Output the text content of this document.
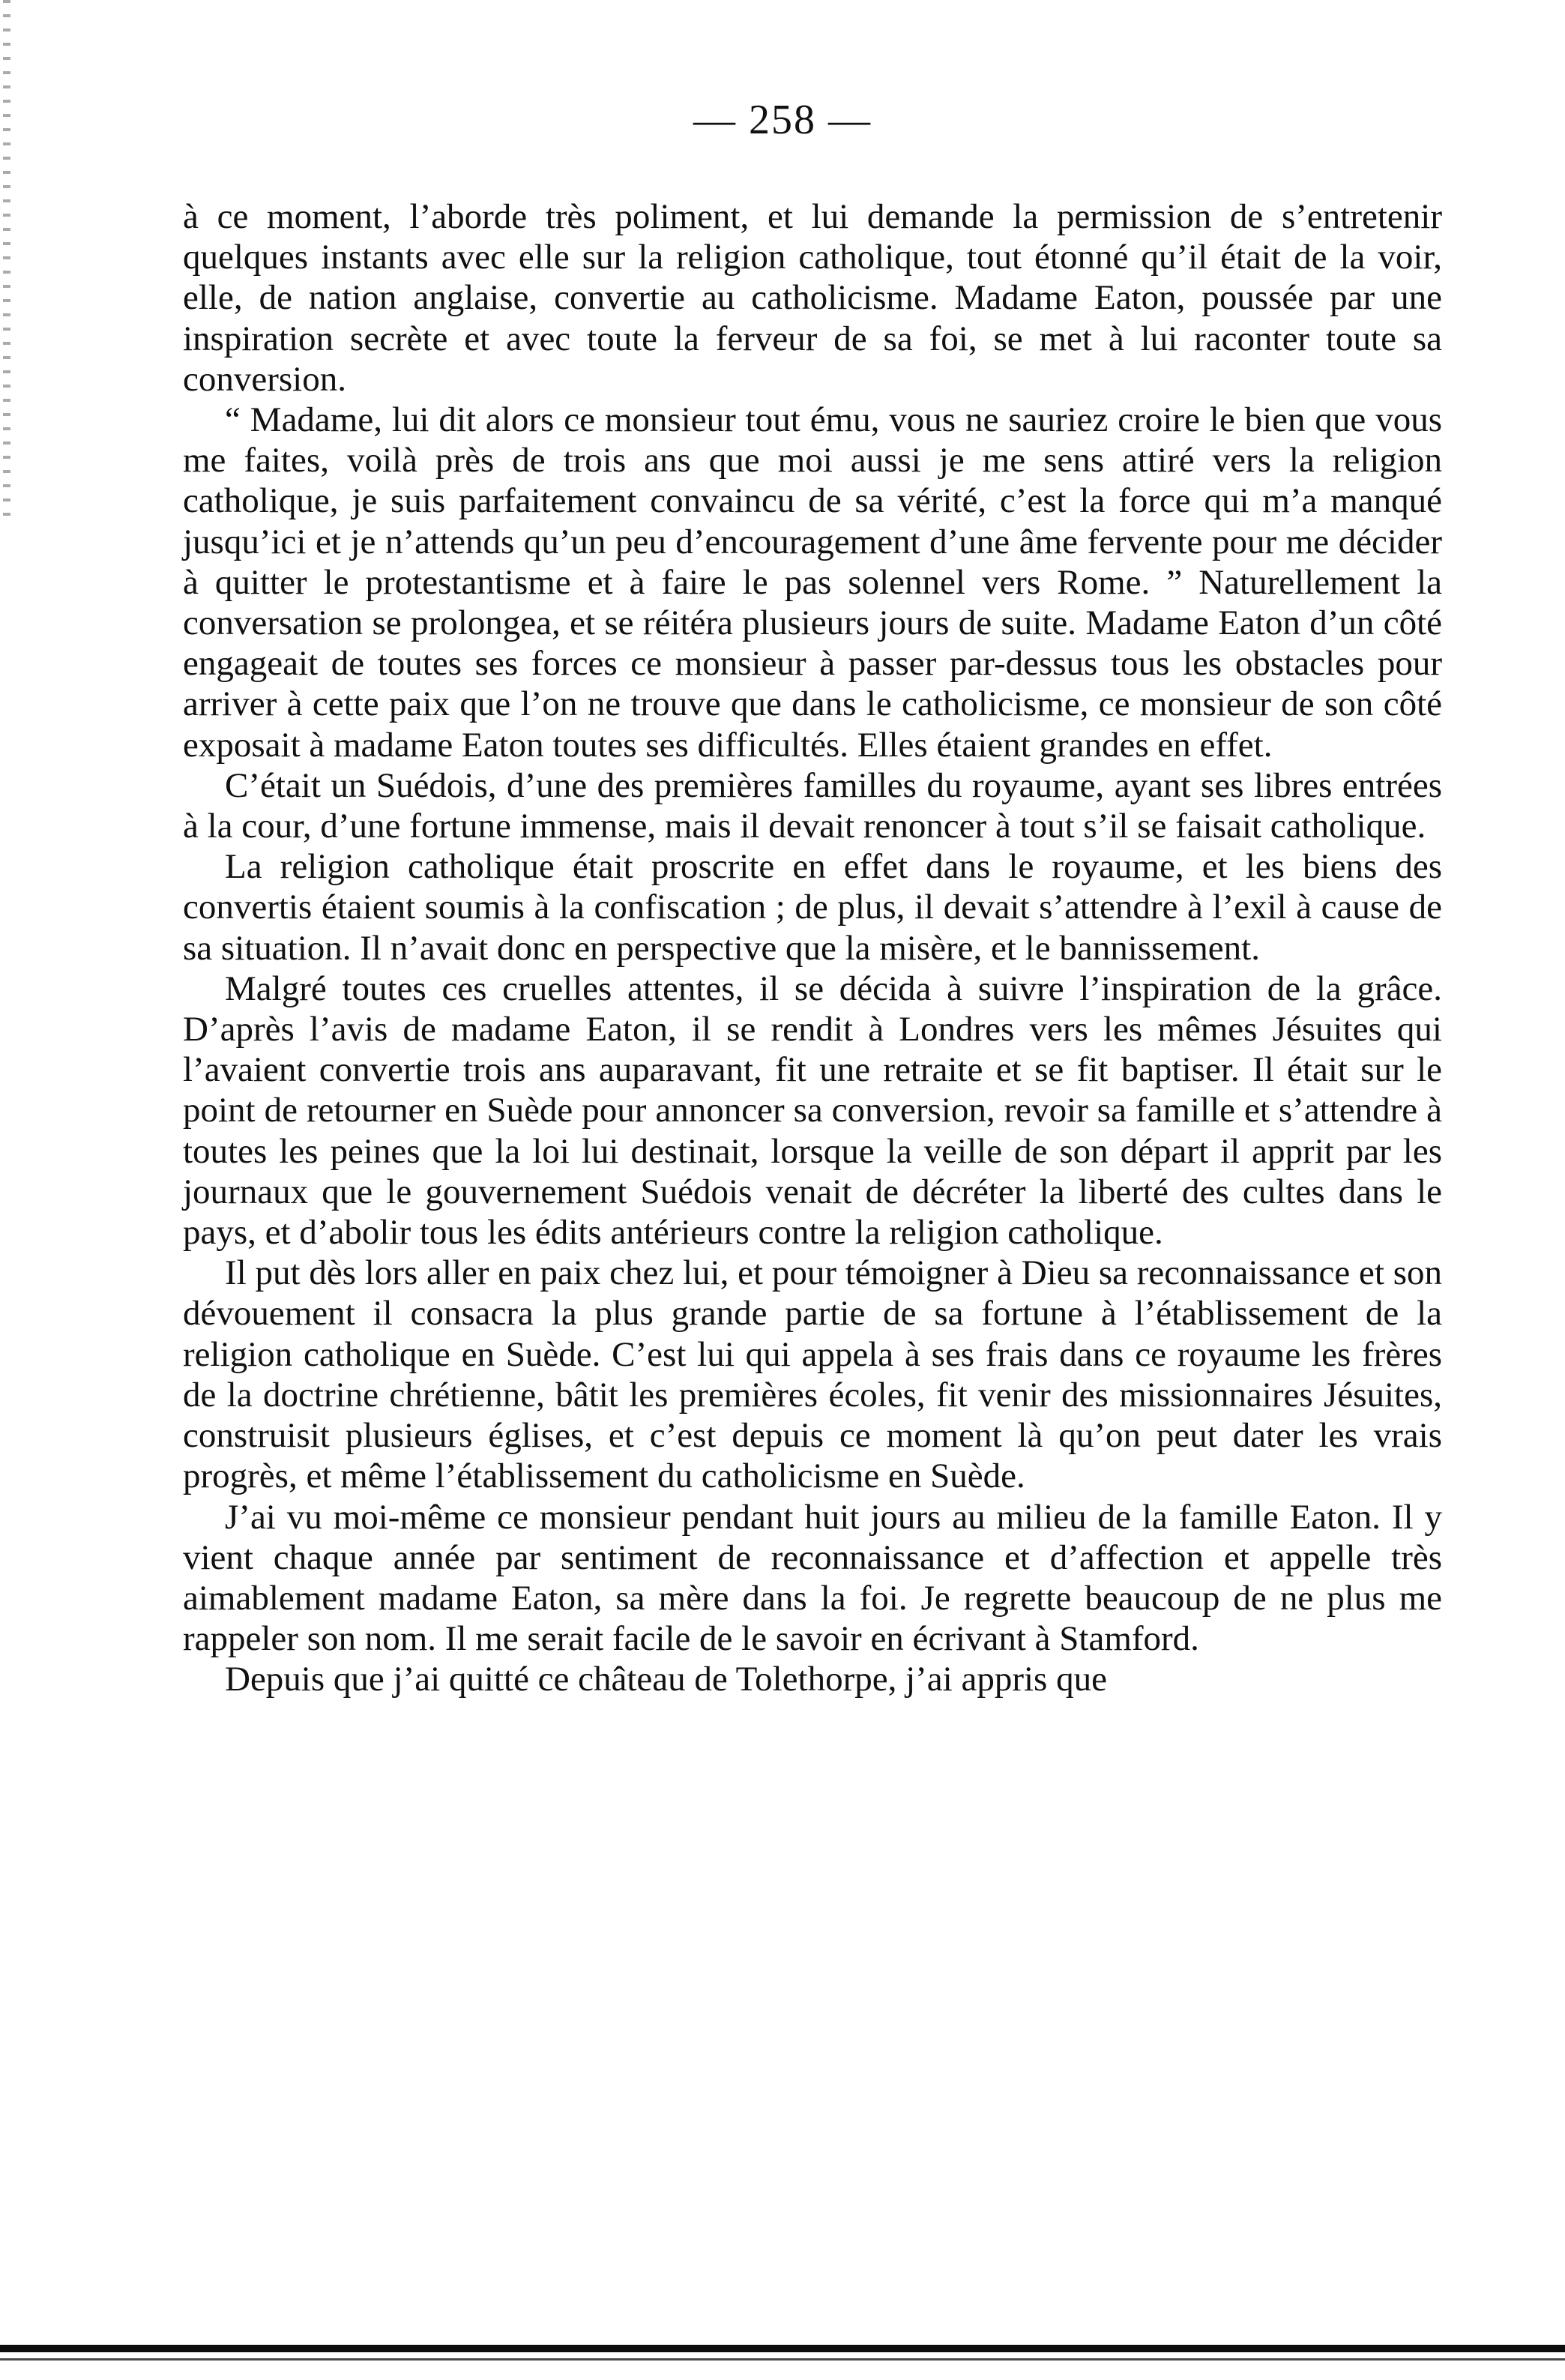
— 258 —

à ce moment, l’aborde très poliment, et lui demande la permission de s’entretenir quelques instants avec elle sur la religion catholique, tout étonné qu’il était de la voir, elle, de nation anglaise, convertie au catholicisme. Madame Eaton, poussée par une inspiration secrète et avec toute la ferveur de sa foi, se met à lui raconter toute sa conversion.

“ Madame, lui dit alors ce monsieur tout ému, vous ne sauriez croire le bien que vous me faites, voilà près de trois ans que moi aussi je me sens attiré vers la religion catholique, je suis parfaitement convaincu de sa vérité, c’est la force qui m’a manqué jusqu’ici et je n’attends qu’un peu d’encouragement d’une âme fervente pour me décider à quitter le protestantisme et à faire le pas solennel vers Rome. ” Naturellement la conversation se prolongea, et se réitéra plusieurs jours de suite. Madame Eaton d’un côté engageait de toutes ses forces ce monsieur à passer par-dessus tous les obstacles pour arriver à cette paix que l’on ne trouve que dans le catholicisme, ce monsieur de son côté exposait à madame Eaton toutes ses difficultés. Elles étaient grandes en effet.

C’était un Suédois, d’une des premières familles du royaume, ayant ses libres entrées à la cour, d’une fortune immense, mais il devait renoncer à tout s’il se faisait catholique.

La religion catholique était proscrite en effet dans le royaume, et les biens des convertis étaient soumis à la confiscation ; de plus, il devait s’attendre à l’exil à cause de sa situation. Il n’avait donc en perspective que la misère, et le bannissement.

Malgré toutes ces cruelles attentes, il se décida à suivre l’inspiration de la grâce. D’après l’avis de madame Eaton, il se rendit à Londres vers les mêmes Jésuites qui l’avaient convertie trois ans auparavant, fit une retraite et se fit baptiser. Il était sur le point de retourner en Suède pour annoncer sa conversion, revoir sa famille et s’attendre à toutes les peines que la loi lui destinait, lorsque la veille de son départ il apprit par les journaux que le gouvernement Suédois venait de décréter la liberté des cultes dans le pays, et d’abolir tous les édits antérieurs contre la religion catholique.

Il put dès lors aller en paix chez lui, et pour témoigner à Dieu sa reconnaissance et son dévouement il consacra la plus grande partie de sa fortune à l’établissement de la religion catholique en Suède. C’est lui qui appela à ses frais dans ce royaume les frères de la doctrine chrétienne, bâtit les premières écoles, fit venir des missionnaires Jésuites, construisit plusieurs églises, et c’est depuis ce moment là qu’on peut dater les vrais progrès, et même l’établissement du catholicisme en Suède.

J’ai vu moi-même ce monsieur pendant huit jours au milieu de la famille Eaton. Il y vient chaque année par sentiment de reconnaissance et d’affection et appelle très aimablement madame Eaton, sa mère dans la foi. Je regrette beaucoup de ne plus me rappeler son nom. Il me serait facile de le savoir en écrivant à Stamford.

Depuis que j’ai quitté ce château de Tolethorpe, j’ai appris que
